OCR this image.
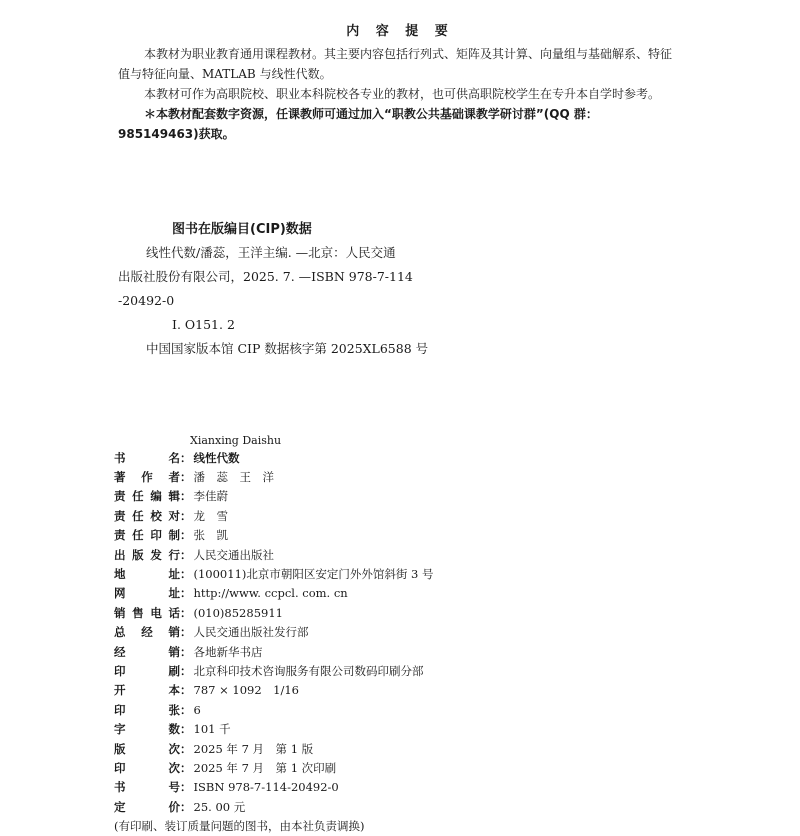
内 容 提 要
本教材为职业教育通用课程教材。其主要内容包括行列式、矩阵及其计算、向量组与基础解系、特征值与特征向量、MATLAB 与线性代数。
本教材可作为高职院校、职业本科院校各专业的教材，也可供高职院校学生在专升本自学时参考。
＊本教材配套数字资源，任课教师可通过加入“职教公共基础课教学研讨群”(QQ 群：985149463)获取。
图书在版编目(CIP)数据
线性代数/潘蕊，王洋主编. —北京：人民交通
出版社股份有限公司，2025. 7. —ISBN 978-7-114
-20492-0
Ⅰ. O151. 2
中国国家版本馆 CIP 数据核字第 2025XL6588 号
Xianxing Daishu
书	名 ： 线性代数
著 作 者 ： 潘　蕊　王　洋
责 任 编 辑 ： 李佳蔚
责 任 校 对 ： 龙　雪
责 任 印 制 ： 张　凯
出 版 发 行 ： 人民交通出版社
地	址 ： (100011)北京市朝阳区安定门外外馆斜街 3 号
网	址 ： http://www. ccpcl. com. cn
销 售 电 话 ： (010)85285911
总 经 销 ： 人民交通出版社发行部
经	销 ： 各地新华书店
印	刷 ： 北京科印技术咨询服务有限公司数码印刷分部
开	本 ： 787 × 1092　1/16
印	张 ： 6
字	数 ： 101 千
版	次 ： 2025 年 7 月　第 1 版
印	次 ： 2025 年 7 月　第 1 次印刷
书	号 ： ISBN 978-7-114-20492-0
定	价 ： 25. 00 元
(有印刷、装订质量问题的图书，由本社负责调换)
